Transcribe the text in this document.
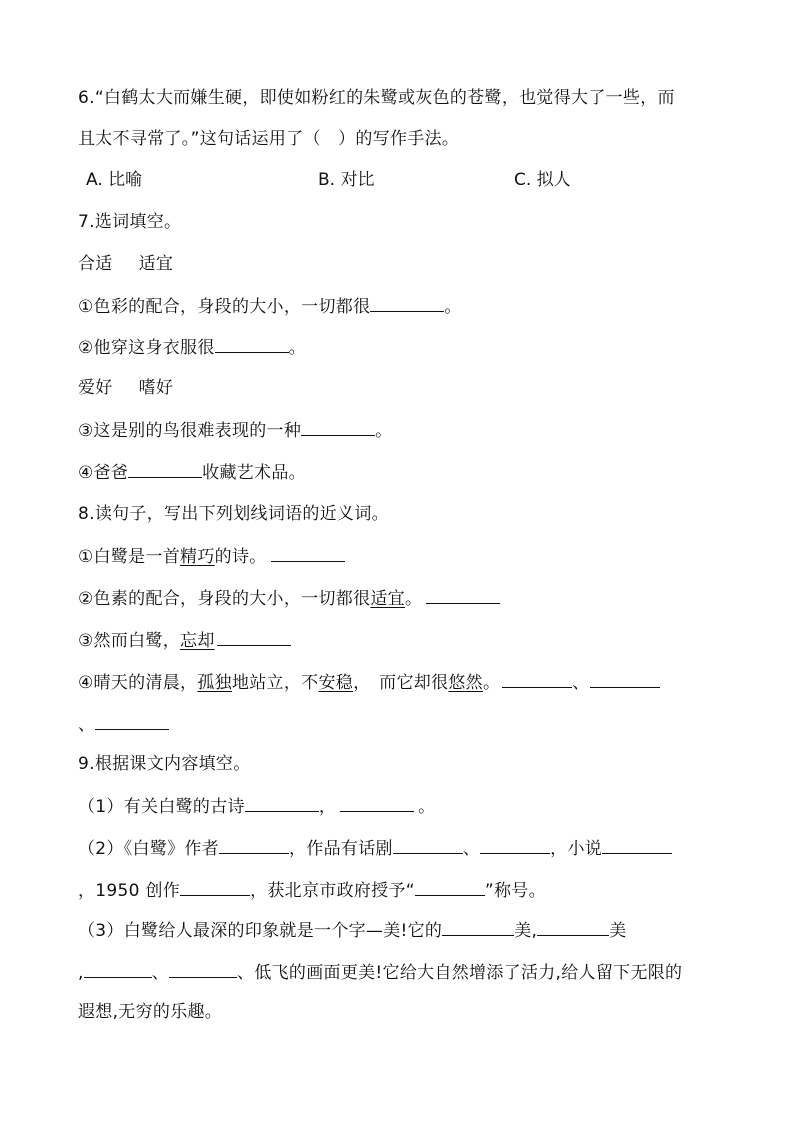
6.“白鹤太大而嫌生硬，即使如粉红的朱鹭或灰色的苍鹭，也觉得大了一些，而
且太不寻常了。”这句话运用了（　）的写作手法。
A. 比喻	B. 对比	C. 拟人
7.选词填空。
合适 适宜
①色彩的配合，身段的大小，一切都很	。
②他穿这身衣服很	。
爱好 嗜好
③这是别的鸟很难表现的一种	。
④爸爸	收藏艺术品。
8.读句子，写出下列划线词语的近义词。
①白鹭是一首精巧的诗。
②色素的配合，身段的大小，一切都很适宜。
③然而白鹭，忘却
④晴天的清晨，孤独地站立，不安稳，　而它却很悠然。	、
、
9.根据课文内容填空。
（1）有关白鹭的古诗	，	。
（2）《白鹭》作者	，作品有话剧	、	，小说
，1950 创作	，获北京市政府授予“	”称号。
（3）白鹭给人最深的印象就是一个字—美!它的	美,	美
,	、	、低飞的画面更美!它给大自然增添了活力,给人留下无限的
遐想,无穷的乐趣。
